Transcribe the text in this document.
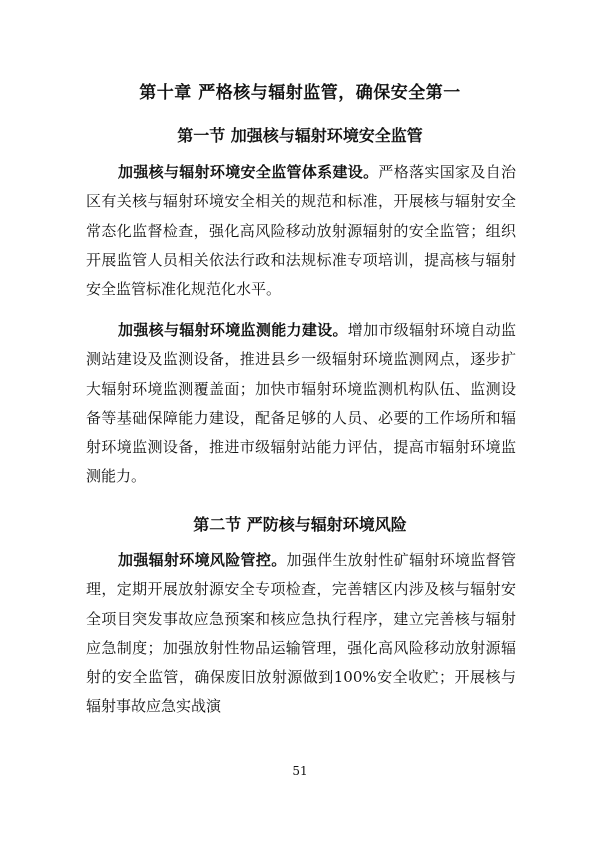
第十章 严格核与辐射监管，确保安全第一
第一节 加强核与辐射环境安全监管

加强核与辐射环境安全监管体系建设。严格落实国家及自治区有关核与辐射环境安全相关的规范和标准，开展核与辐射安全常态化监督检查，强化高风险移动放射源辐射的安全监管；组织开展监管人员相关依法行政和法规标准专项培训，提高核与辐射安全监管标准化规范化水平。

加强核与辐射环境监测能力建设。增加市级辐射环境自动监测站建设及监测设备，推进县乡一级辐射环境监测网点，逐步扩大辐射环境监测覆盖面；加快市辐射环境监测机构队伍、监测设备等基础保障能力建设，配备足够的人员、必要的工作场所和辐射环境监测设备，推进市级辐射站能力评估，提高市辐射环境监测能力。

第二节 严防核与辐射环境风险

加强辐射环境风险管控。加强伴生放射性矿辐射环境监督管理，定期开展放射源安全专项检查，完善辖区内涉及核与辐射安全项目突发事故应急预案和核应急执行程序，建立完善核与辐射应急制度；加强放射性物品运输管理，强化高风险移动放射源辐射的安全监管，确保废旧放射源做到100%安全收贮；开展核与辐射事故应急实战演

51
